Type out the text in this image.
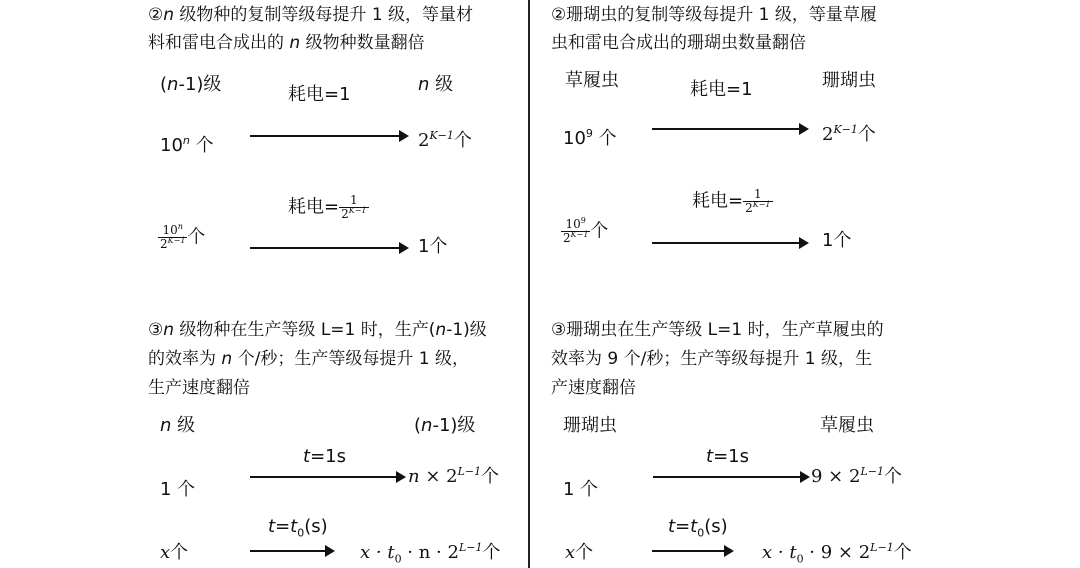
②n 级物种的复制等级每提升 1 级，等量材
料和雷电合成出的 n 级物种数量翻倍
(n-1)级	n 级
耗电=1
10$^n$ 个	$2^{K-1}$个
耗电= $\frac{1}{2^{K-1}}$
$\frac{10^n}{2^{K-1}}$ 个	1个
③n 级物种在生产等级 L=1 时，生产(n-1)级
的效率为 n 个/秒；生产等级每提升 1 级，
生产速度翻倍
n 级	(n-1)级
t=1s
1 个
$n \times 2^{L-1}$个
$t=t_0(s)$
x个	$x \cdot t_0 \cdot n \cdot 2^{L-1}$个
②珊瑚虫的复制等级每提升 1 级，等量草履
虫和雷电合成出的珊瑚虫数量翻倍
草履虫	珊瑚虫
耗电=1
$10^9$ 个	$2^{K-1}$个
耗电= $\frac{1}{2^{K-1}}$
$\frac{10^9}{2^{K-1}}$ 个	1个
③珊瑚虫在生产等级 L=1 时，生产草履虫的
效率为 9 个/秒；生产等级每提升 1 级，生
产速度翻倍
珊瑚虫	草履虫
t=1s
1 个
$9 \times 2^{L-1}$个
$t=t_0(s)$
x个	$x \cdot t_0 \cdot 9 \times 2^{L-1}$个
